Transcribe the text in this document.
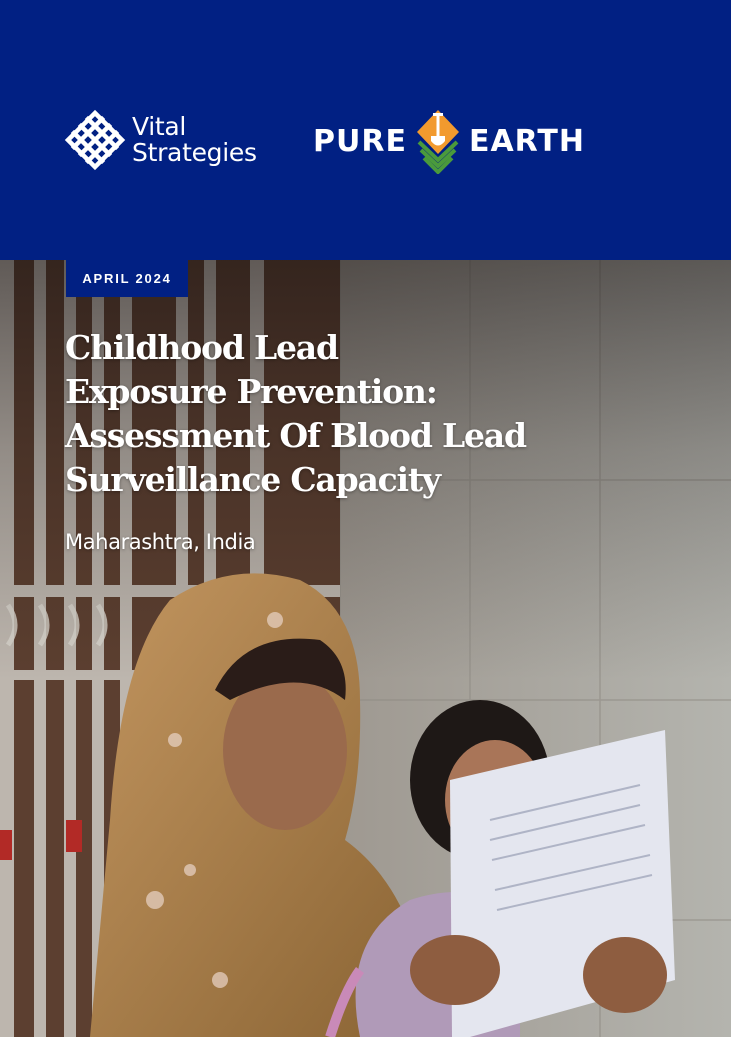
Vital
Strategies PURE EARTH
APRIL 2024
Childhood Lead
Exposure Prevention:
Assessment Of Blood Lead
Surveillance Capacity

Maharashtra, India
